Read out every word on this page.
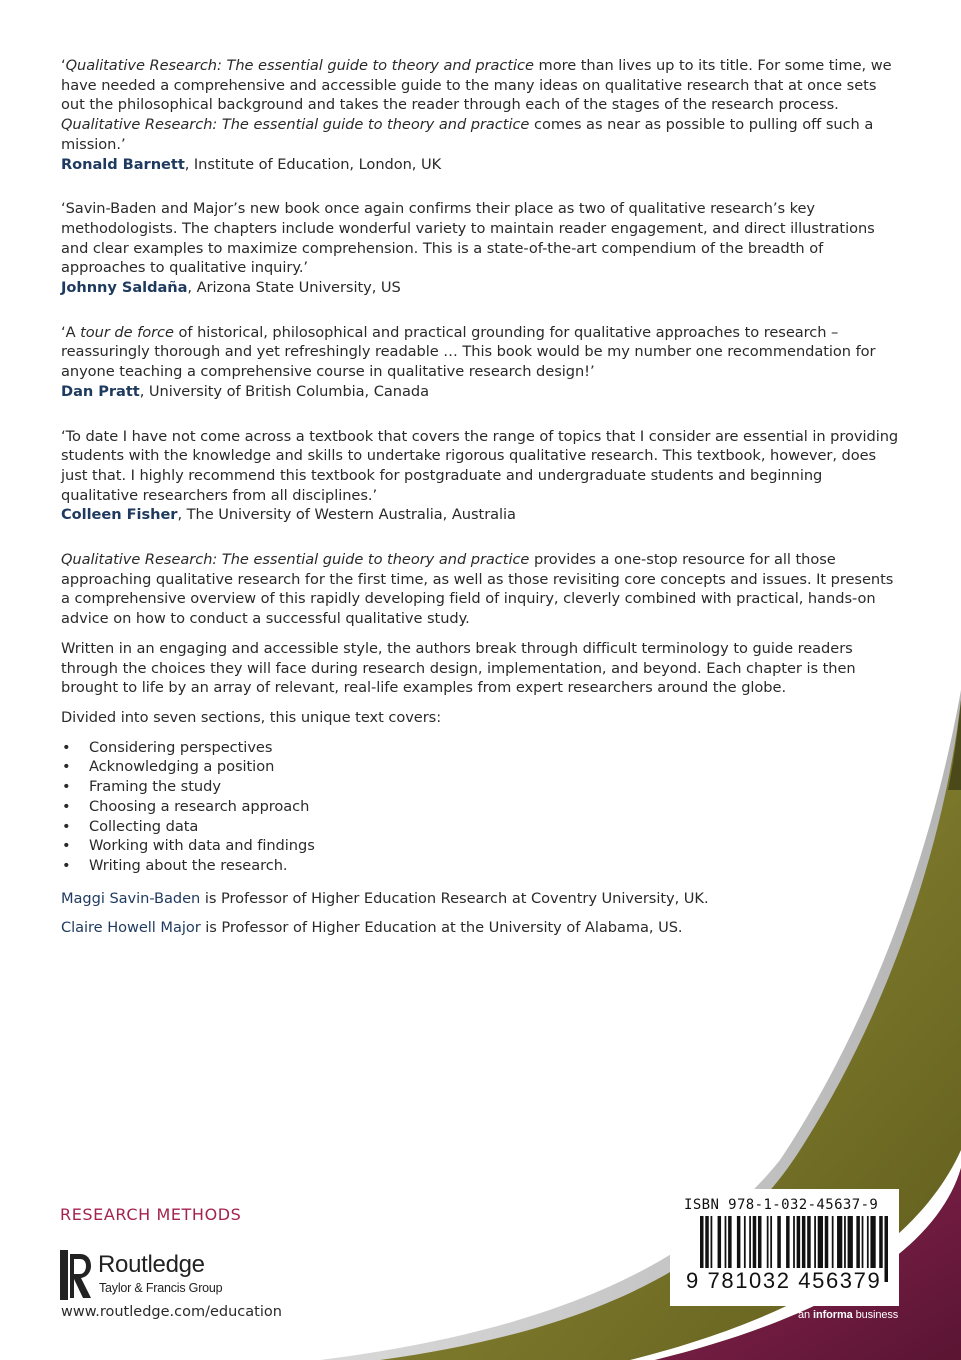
‘Qualitative Research: The essential guide to theory and practice more than lives up to its title. For some time, we have needed a comprehensive and accessible guide to the many ideas on qualitative research that at once sets out the philosophical background and takes the reader through each of the stages of the research process. Qualitative Research: The essential guide to theory and practice comes as near as possible to pulling off such a mission.’

Ronald Barnett, Institute of Education, London, UK

‘Savin-Baden and Major’s new book once again confirms their place as two of qualitative research’s key methodologists. The chapters include wonderful variety to maintain reader engagement, and direct illustrations and clear examples to maximize comprehension. This is a state-of-the-art compendium of the breadth of approaches to qualitative inquiry.’

Johnny Saldaña, Arizona State University, US

‘A tour de force of historical, philosophical and practical grounding for qualitative approaches to research – reassuringly thorough and yet refreshingly readable … This book would be my number one recommendation for anyone teaching a comprehensive course in qualitative research design!’

Dan Pratt, University of British Columbia, Canada

‘To date I have not come across a textbook that covers the range of topics that I consider are essential in providing students with the knowledge and skills to undertake rigorous qualitative research. This textbook, however, does just that. I highly recommend this textbook for postgraduate and undergraduate students and beginning qualitative researchers from all disciplines.’

Colleen Fisher, The University of Western Australia, Australia

Qualitative Research: The essential guide to theory and practice provides a one-stop resource for all those approaching qualitative research for the first time, as well as those revisiting core concepts and issues. It presents a comprehensive overview of this rapidly developing field of inquiry, cleverly combined with practical, hands-on advice on how to conduct a successful qualitative study.

Written in an engaging and accessible style, the authors break through difficult terminology to guide readers through the choices they will face during research design, implementation, and beyond. Each chapter is then brought to life by an array of relevant, real-life examples from expert researchers around the globe.

Divided into seven sections, this unique text covers:

• Considering perspectives
• Acknowledging a position
• Framing the study
• Choosing a research approach
• Collecting data
• Working with data and findings
• Writing about the research.

Maggi Savin-Baden is Professor of Higher Education Research at Coventry University, UK.

Claire Howell Major is Professor of Higher Education at the University of Alabama, US.

RESEARCH METHODS
Routledge
Taylor & Francis Group
www.routledge.com/education
ISBN 978-1-032-45637-9
9 781032 456379
an informa business
